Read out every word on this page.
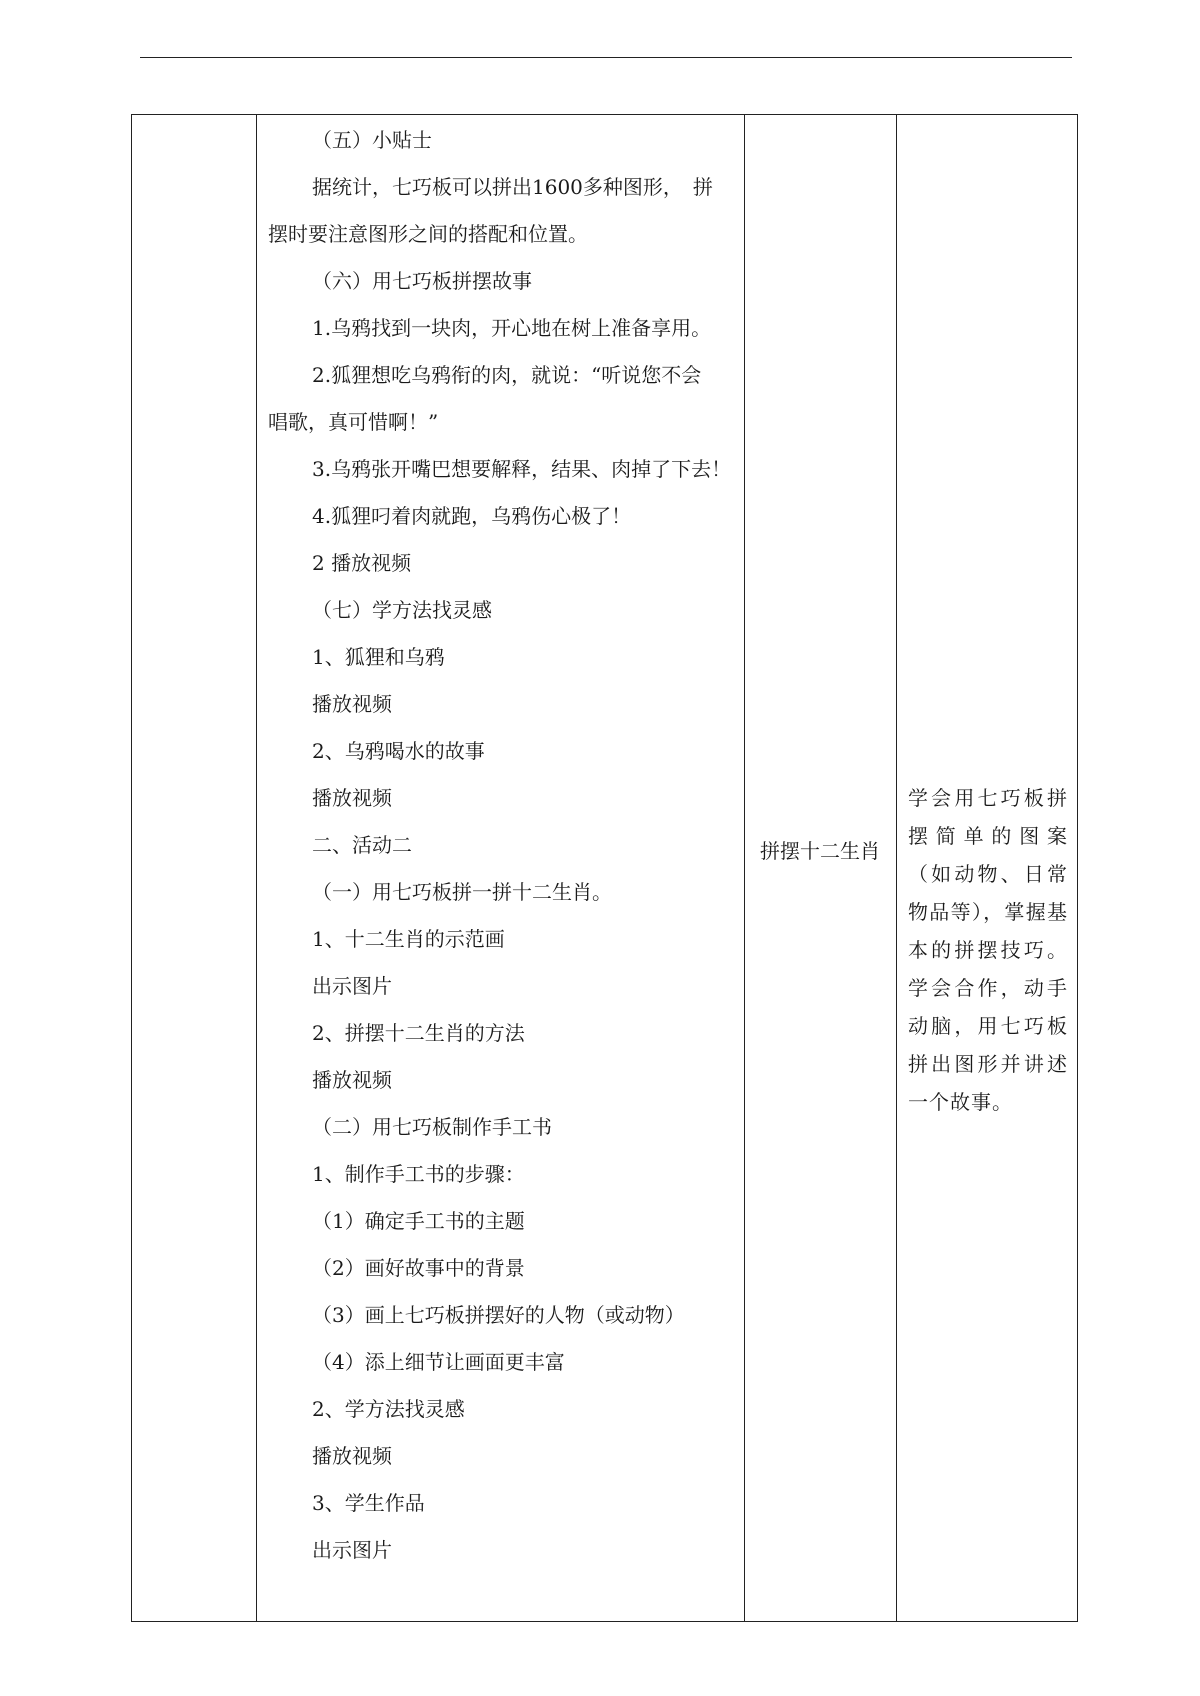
（五）小贴士
据统计，七巧板可以拼出1600多种图形，　拼
摆时要注意图形之间的搭配和位置。
（六）用七巧板拼摆故事
1.乌鸦找到一块肉，开心地在树上准备享用。
2.狐狸想吃乌鸦衔的肉，就说：“听说您不会
唱歌，真可惜啊！”
3.乌鸦张开嘴巴想要解释，结果、肉掉了下去！
4.狐狸叼着肉就跑，乌鸦伤心极了！
2 播放视频
（七）学方法找灵感
1、狐狸和乌鸦
播放视频
2、乌鸦喝水的故事
播放视频
二、活动二
（一）用七巧板拼一拼十二生肖。
1、十二生肖的示范画
出示图片
2、拼摆十二生肖的方法
播放视频
（二）用七巧板制作手工书
1、制作手工书的步骤：
（1）确定手工书的主题
（2）画好故事中的背景
（3）画上七巧板拼摆好的人物（或动物）
（4）添上细节让画面更丰富
2、学方法找灵感
播放视频
3、学生作品
出示图片
拼摆十二生肖
学会用七巧板拼摆简单的图案（如动物、日常物品等），掌握基本的拼摆技巧。学会合作，动手动脑，用七巧板拼出图形并讲述一个故事。
